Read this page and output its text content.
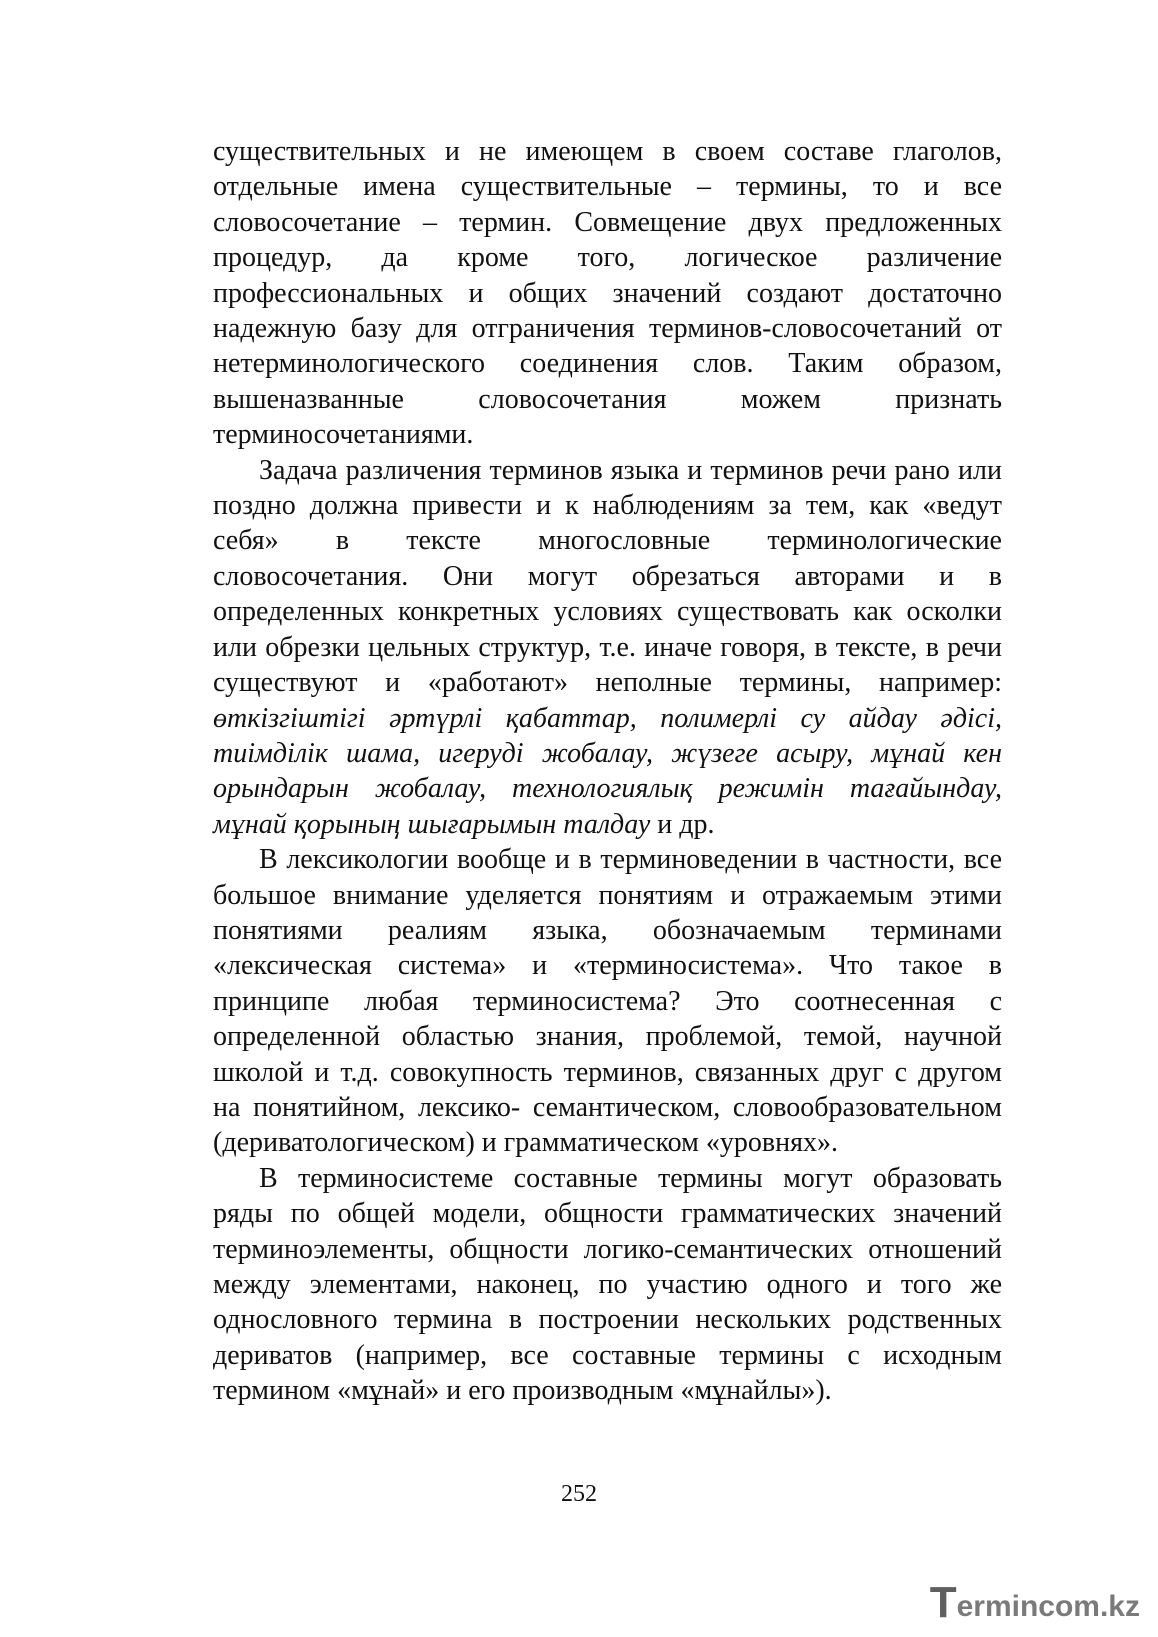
существительных и не имеющем в своем составе глаголов, отдельные имена существительные – термины, то и все словосочетание – термин. Совмещение двух предложенных процедур, да кроме того, логическое различение профессиональных и общих значений создают достаточно надежную базу для отграничения терминов-словосочетаний от нетерминологического соединения слов. Таким образом, вышеназванные словосочетания можем признать терминосочетаниями.

Задача различения терминов языка и терминов речи рано или поздно должна привести и к наблюдениям за тем, как «ведут себя» в тексте многословные терминологические словосочетания. Они могут обрезаться авторами и в определенных конкретных условиях существовать как осколки или обрезки цельных структур, т.е. иначе говоря, в тексте, в речи существуют и «работают» неполные термины, например: өткізгіштігі әртүрлі қабаттар, полимерлі су айдау әдісі, тиімділік шама, игеруді жобалау, жүзеге асыру, мұнай кен орындарын жобалау, технологиялық режимін тағайындау, мұнай қорының шығарымын талдау и др.

В лексикологии вообще и в терминоведении в частности, все большое внимание уделяется понятиям и отражаемым этими понятиями реалиям языка, обозначаемым терминами «лексическая система» и «терминосистема». Что такое в принципе любая терминосистема? Это соотнесенная с определенной областью знания, проблемой, темой, научной школой и т.д. совокупность терминов, связанных друг с другом на понятийном, лексико- семантическом, словообразовательном (дериватологическом) и грамматическом «уровнях».

В терминосистеме составные термины могут образовать ряды по общей модели, общности грамматических значений терминоэлементы, общности логико-семантических отношений между элементами, наконец, по участию одного и того же однословного термина в построении нескольких родственных дериватов (например, все составные термины с исходным термином «мұнай» и его производным «мұнайлы»).

252
T ermincom.kz
